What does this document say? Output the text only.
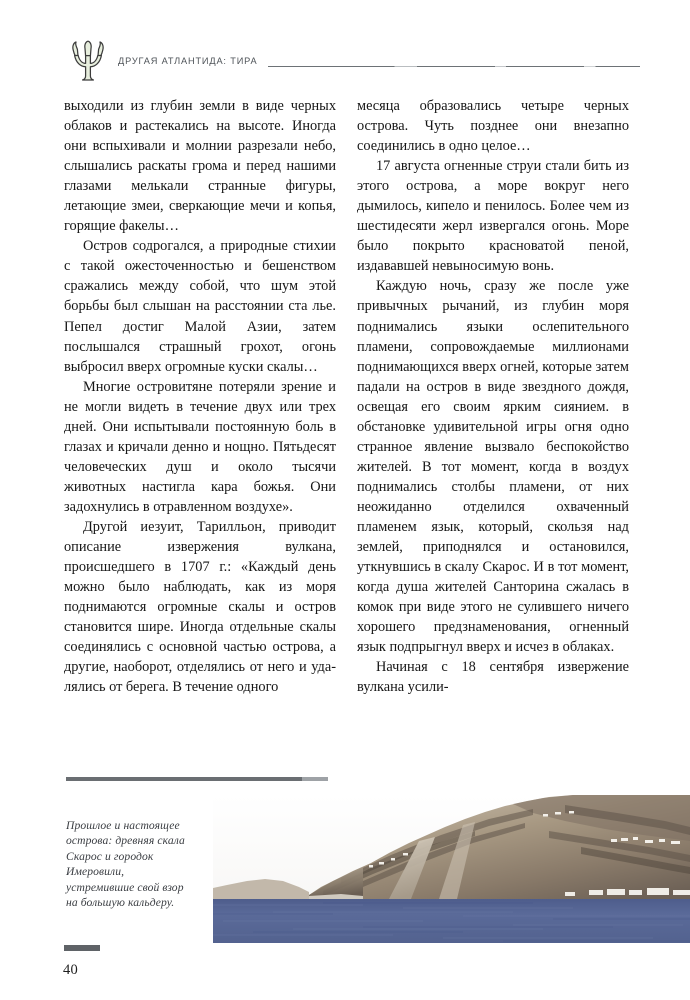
ДРУГАЯ АТЛАНТИДА: ТИРА

выходили из глубин земли в виде черных облаков и растекались на высоте. Иногда они вспыхивали и молнии разрезали небо, слышались раскаты грома и перед нашими глазами мелькали странные фигуры, летающие змеи, сверкающие мечи и копья, горящие факелы…

Остров содрогался, а природные стихии с такой ожесточенностью и бешенством сражались между собой, что шум этой борьбы был слышан на расстоянии ста лье. Пепел достиг Малой Азии, затем послышался страшный грохот, огонь выбросил вверх огромные куски скалы…

Многие островитяне потеряли зрение и не могли видеть в течение двух или трех дней. Они испытывали постоянную боль в глазах и кричали денно и нощно. Пятьдесят человеческих душ и около тысячи животных настигла кара божья. Они задохнулись в отравленном воздухе».

Другой иезуит, Тарилльон, приводит описание извержения вулкана, происшедшего в 1707 г.: «Каждый день можно было наблюдать, как из моря поднимаются огромные скалы и остров становится шире. Иногда отдельные скалы соединялись с основной частью острова, а другие, наоборот, отделялись от него и удалялись от берега. В течение одного

месяца образовались четыре черных острова. Чуть позднее они внезапно соединились в одно целое…

17 августа огненные струи стали бить из этого острова, а море вокруг него дымилось, кипело и пенилось. Более чем из шестидесяти жерл извергался огонь. Море было покрыто красноватой пеной, издававшей невыносимую вонь.

Каждую ночь, сразу же после уже привычных рычаний, из глубин моря поднимались языки ослепительного пламени, сопровождаемые миллионами поднимающихся вверх огней, которые затем падали на остров в виде звездного дождя, освещая его своим ярким сиянием. в обстановке удивительной игры огня одно странное явление вызвало беспокойство жителей. В тот момент, когда в воздух поднимались столбы пламени, от них неожиданно отделился охваченный пламенем язык, который, скользя над землей, приподнялся и остановился, уткнувшись в скалу Скарос. И в тот момент, когда душа жителей Санторина сжалась в комок при виде этого не сулившего ничего хорошего предзнаменования, огненный язык подпрыгнул вверх и исчез в облаках.

Начиная с 18 сентября извержение вулкана усили-

Прошлое и настоящее острова: древняя скала Скарос и городок Имеровили, устремившие свой взор на большую кальдеру.
40
